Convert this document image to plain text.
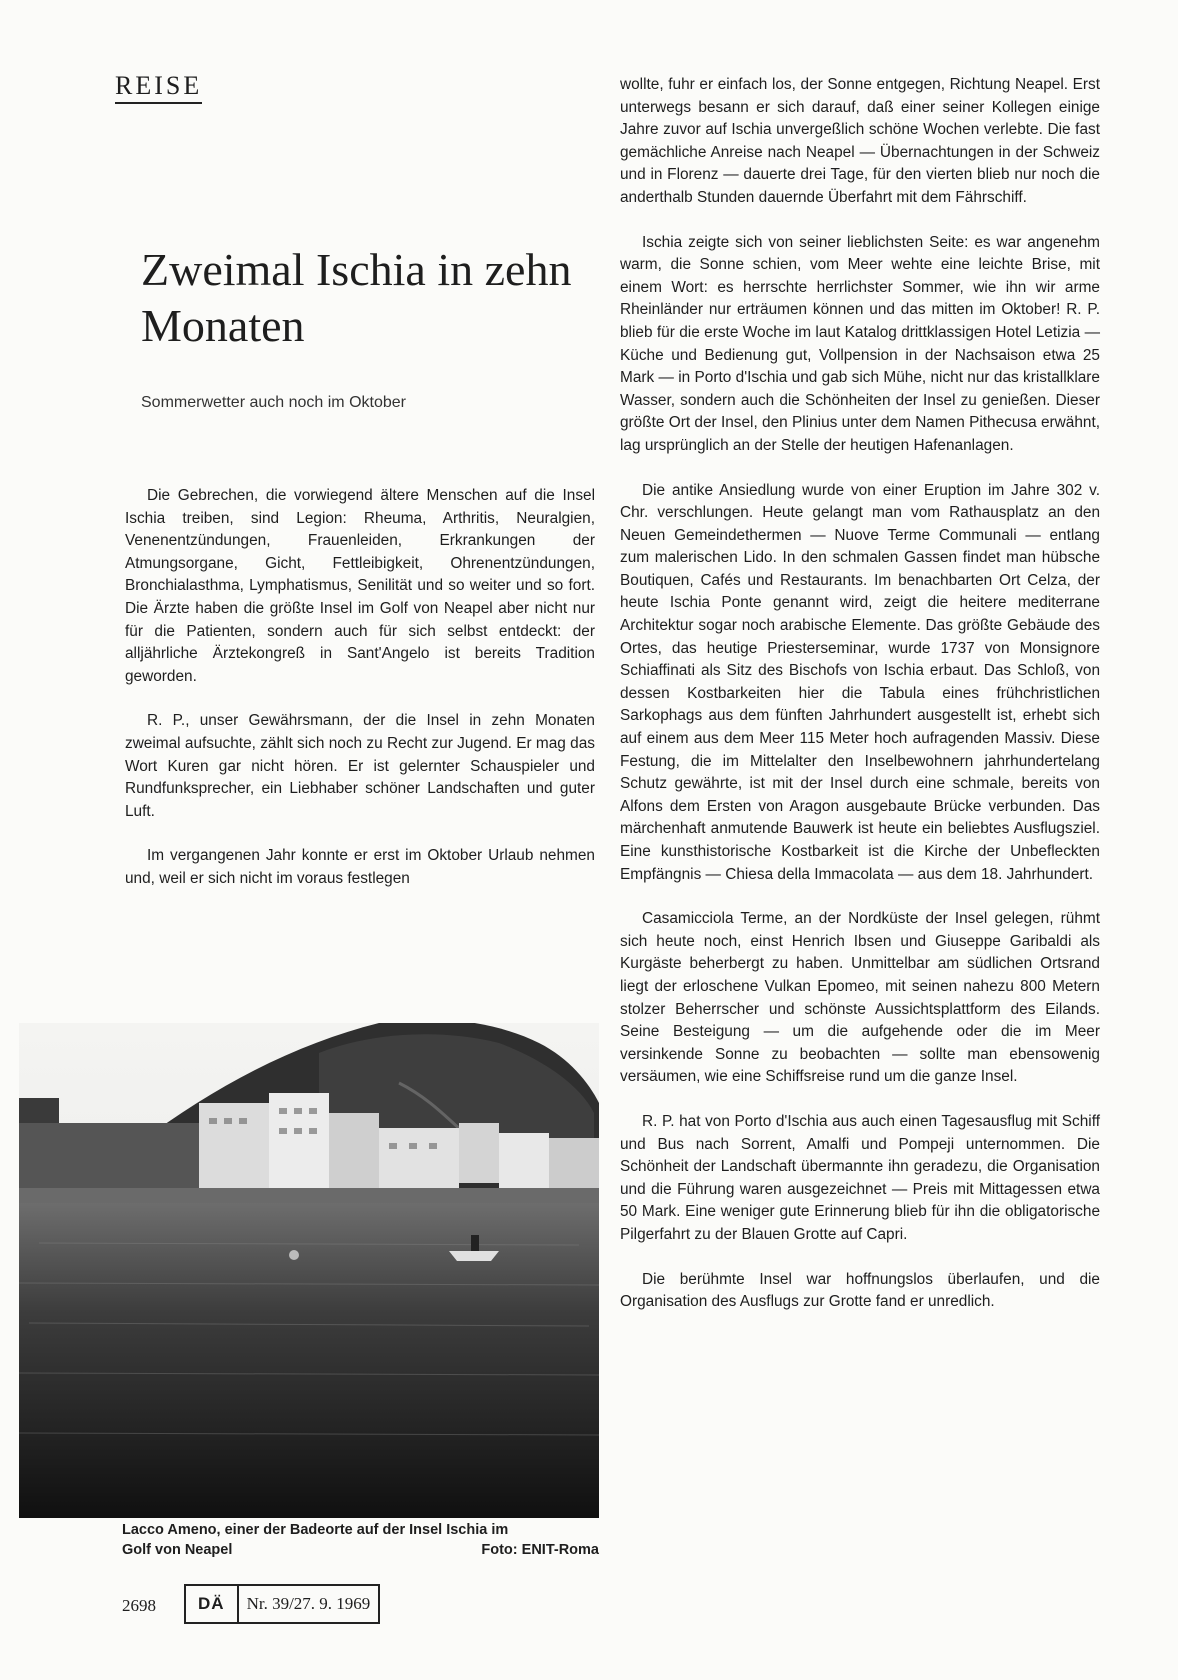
REISE
Zweimal Ischia in zehn Monaten
Sommerwetter auch noch im Oktober

Die Gebrechen, die vorwiegend ältere Menschen auf die Insel Ischia treiben, sind Legion: Rheuma, Arthritis, Neuralgien, Venenentzündungen, Frauenleiden, Erkrankungen der Atmungsorgane, Gicht, Fettleibigkeit, Ohrenentzündungen, Bronchialasthma, Lymphatismus, Senilität und so weiter und so fort. Die Ärzte haben die größte Insel im Golf von Neapel aber nicht nur für die Patienten, sondern auch für sich selbst entdeckt: der alljährliche Ärztekongreß in Sant'Angelo ist bereits Tradition geworden.

R. P., unser Gewährsmann, der die Insel in zehn Monaten zweimal aufsuchte, zählt sich noch zu Recht zur Jugend. Er mag das Wort Kuren gar nicht hören. Er ist gelernter Schauspieler und Rundfunksprecher, ein Liebhaber schöner Landschaften und guter Luft.

Im vergangenen Jahr konnte er erst im Oktober Urlaub nehmen und, weil er sich nicht im voraus festlegen

wollte, fuhr er einfach los, der Sonne entgegen, Richtung Neapel. Erst unterwegs besann er sich darauf, daß einer seiner Kollegen einige Jahre zuvor auf Ischia unvergeßlich schöne Wochen verlebte. Die fast gemächliche Anreise nach Neapel — Übernachtungen in der Schweiz und in Florenz — dauerte drei Tage, für den vierten blieb nur noch die anderthalb Stunden dauernde Überfahrt mit dem Fährschiff.

Ischia zeigte sich von seiner lieblichsten Seite: es war angenehm warm, die Sonne schien, vom Meer wehte eine leichte Brise, mit einem Wort: es herrschte herrlichster Sommer, wie ihn wir arme Rheinländer nur erträumen können und das mitten im Oktober! R. P. blieb für die erste Woche im laut Katalog drittklassigen Hotel Letizia — Küche und Bedienung gut, Vollpension in der Nachsaison etwa 25 Mark — in Porto d'Ischia und gab sich Mühe, nicht nur das kristallklare Wasser, sondern auch die Schönheiten der Insel zu genießen. Dieser größte Ort der Insel, den Plinius unter dem Namen Pithecusa erwähnt, lag ursprünglich an der Stelle der heutigen Hafenanlagen.

Die antike Ansiedlung wurde von einer Eruption im Jahre 302 v. Chr. verschlungen. Heute gelangt man vom Rathausplatz an den Neuen Gemeindethermen — Nuove Terme Communali — entlang zum malerischen Lido. In den schmalen Gassen findet man hübsche Boutiquen, Cafés und Restaurants. Im benachbarten Ort Celza, der heute Ischia Ponte genannt wird, zeigt die heitere mediterrane Architektur sogar noch arabische Elemente. Das größte Gebäude des Ortes, das heutige Priesterseminar, wurde 1737 von Monsignore Schiaffinati als Sitz des Bischofs von Ischia erbaut. Das Schloß, von dessen Kostbarkeiten hier die Tabula eines frühchristlichen Sarkophags aus dem fünften Jahrhundert ausgestellt ist, erhebt sich auf einem aus dem Meer 115 Meter hoch aufragenden Massiv. Diese Festung, die im Mittelalter den Inselbewohnern jahrhundertelang Schutz gewährte, ist mit der Insel durch eine schmale, bereits von Alfons dem Ersten von Aragon ausgebaute Brücke verbunden. Das märchenhaft anmutende Bauwerk ist heute ein beliebtes Ausflugsziel. Eine kunsthistorische Kostbarkeit ist die Kirche der Unbefleckten Empfängnis — Chiesa della Immacolata — aus dem 18. Jahrhundert.

Casamicciola Terme, an der Nordküste der Insel gelegen, rühmt sich heute noch, einst Henrich Ibsen und Giuseppe Garibaldi als Kurgäste beherbergt zu haben. Unmittelbar am südlichen Ortsrand liegt der erloschene Vulkan Epomeo, mit seinen nahezu 800 Metern stolzer Beherrscher und schönste Aussichtsplattform des Eilands. Seine Besteigung — um die aufgehende oder die im Meer versinkende Sonne zu beobachten — sollte man ebensowenig versäumen, wie eine Schiffsreise rund um die ganze Insel.

R. P. hat von Porto d'Ischia aus auch einen Tagesausflug mit Schiff und Bus nach Sorrent, Amalfi und Pompeji unternommen. Die Schönheit der Landschaft übermannte ihn geradezu, die Organisation und die Führung waren ausgezeichnet — Preis mit Mittagessen etwa 50 Mark. Eine weniger gute Erinnerung blieb für ihn die obligatorische Pilgerfahrt zu der Blauen Grotte auf Capri.

Die berühmte Insel war hoffnungslos überlaufen, und die Organisation des Ausflugs zur Grotte fand er unredlich.

Lacco Ameno, einer der Badeorte auf der Insel Ischia im
Golf von Neapel	Foto: ENIT-Roma
2698	DÄ	Nr. 39/27. 9. 1969
